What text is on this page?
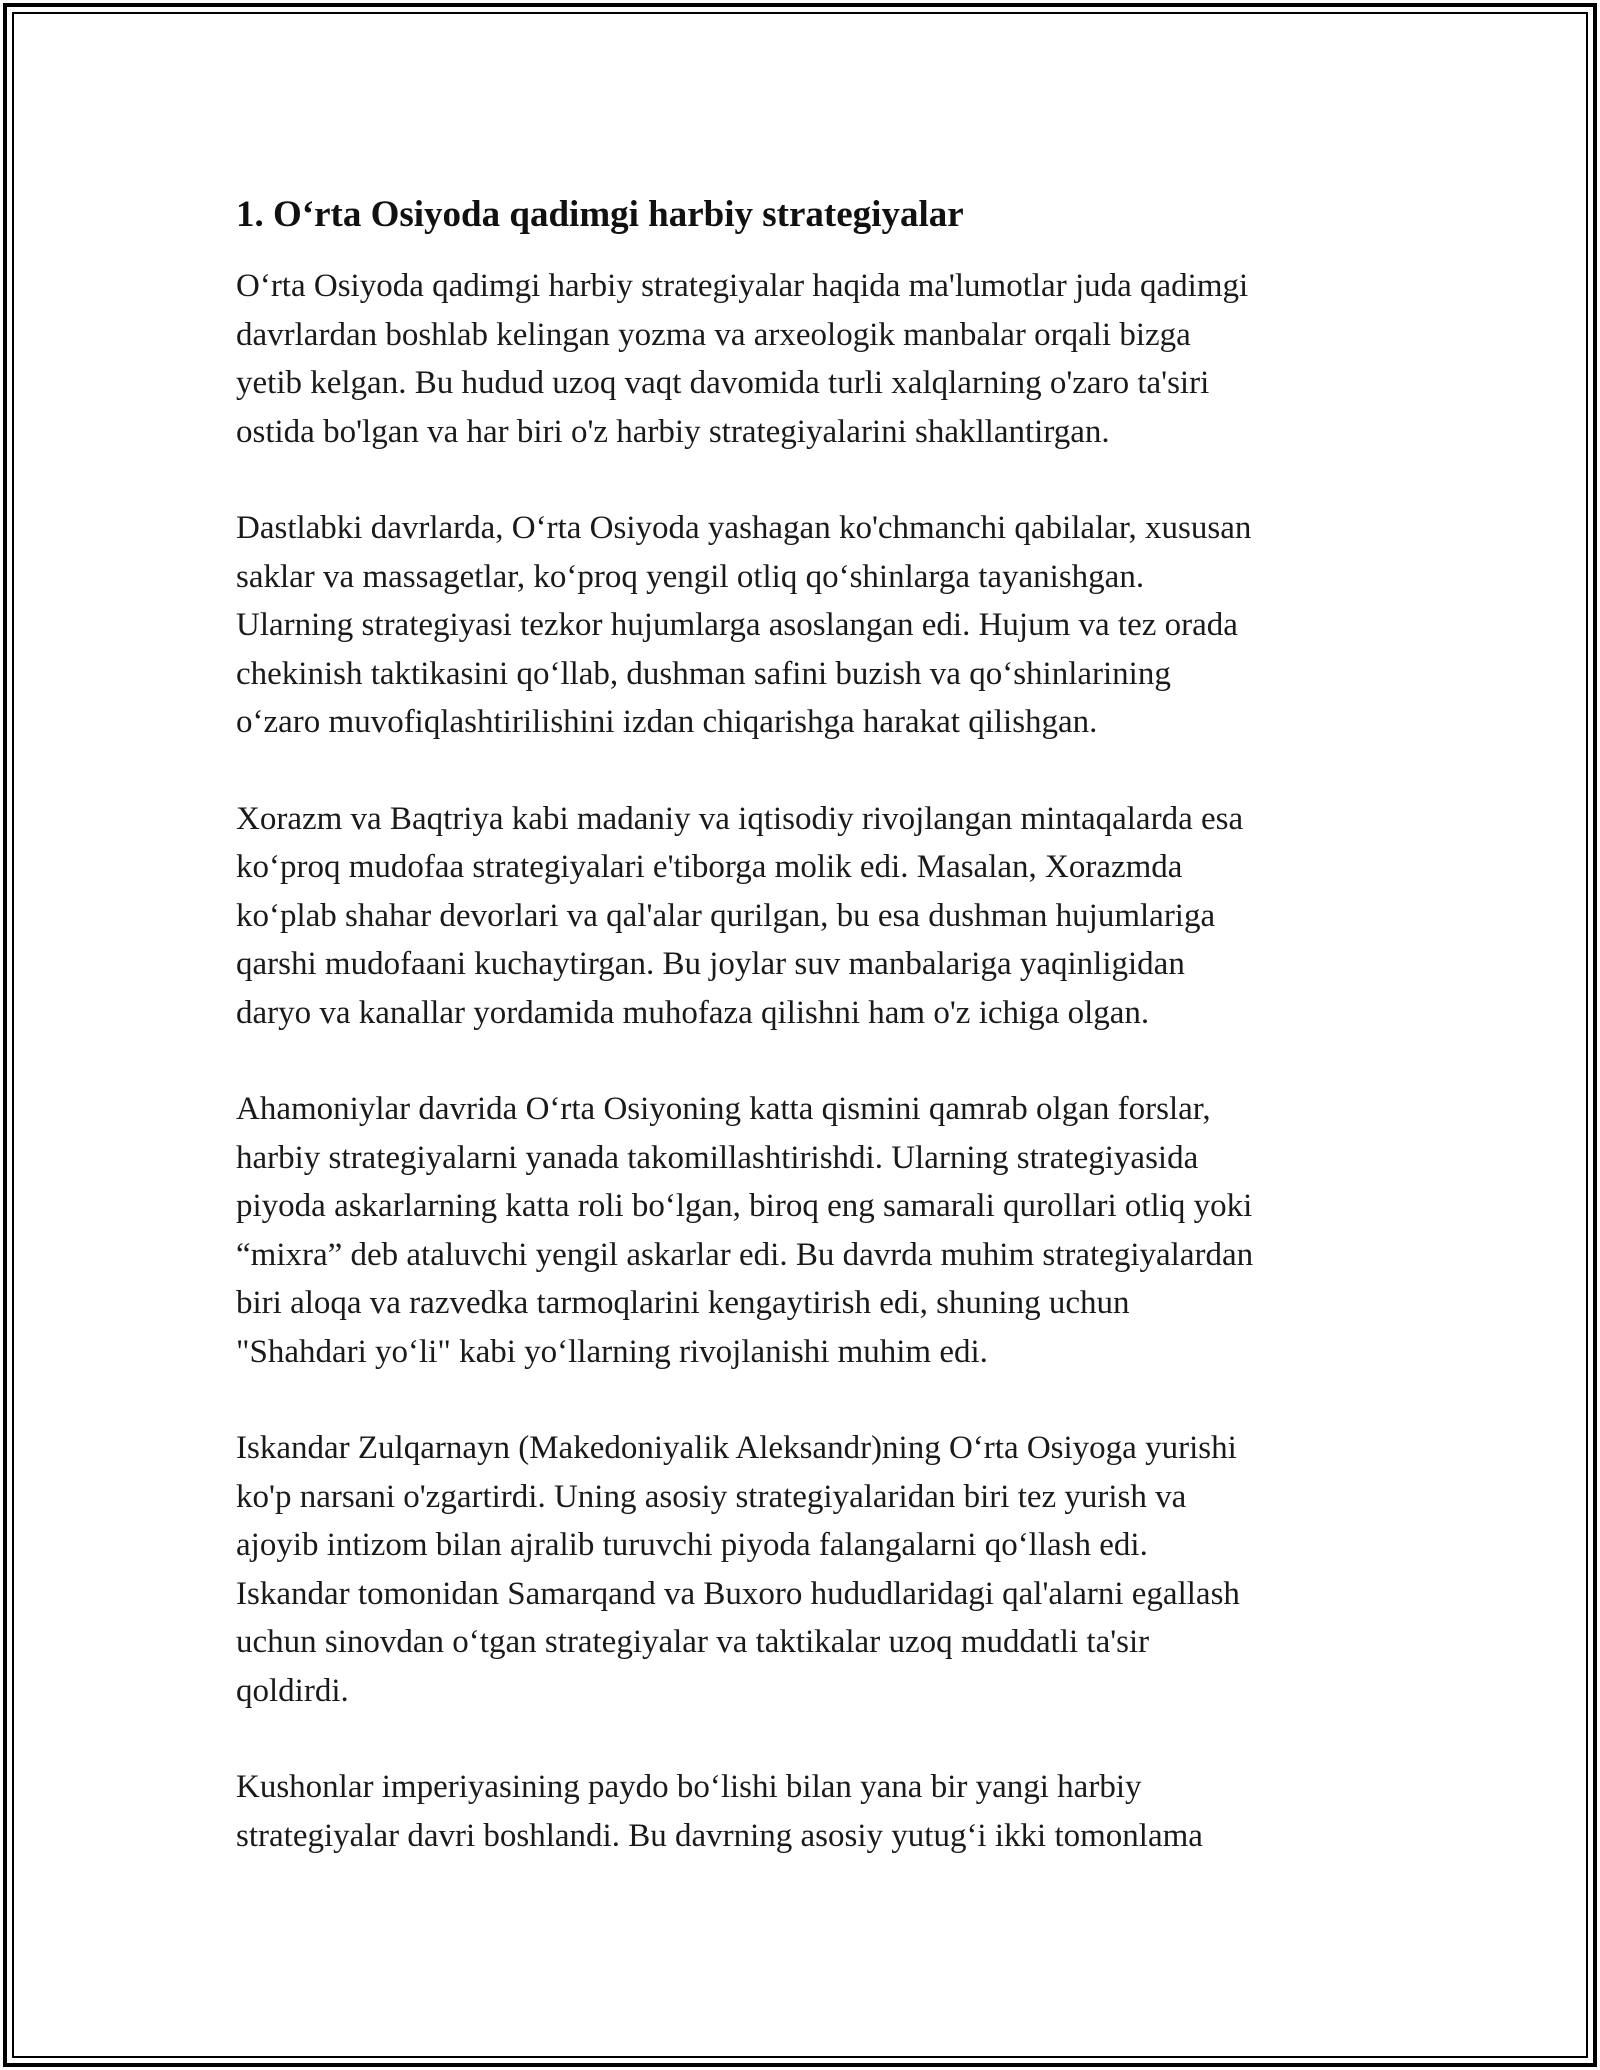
1. O‘rta Osiyoda qadimgi harbiy strategiyalar

O‘rta Osiyoda qadimgi harbiy strategiyalar haqida ma'lumotlar juda qadimgi
davrlardan boshlab kelingan yozma va arxeologik manbalar orqali bizga
yetib kelgan. Bu hudud uzoq vaqt davomida turli xalqlarning o'zaro ta'siri
ostida bo'lgan va har biri o'z harbiy strategiyalarini shakllantirgan.

Dastlabki davrlarda, O‘rta Osiyoda yashagan ko'chmanchi qabilalar, xususan
saklar va massagetlar, ko‘proq yengil otliq qo‘shinlarga tayanishgan.
Ularning strategiyasi tezkor hujumlarga asoslangan edi. Hujum va tez orada
chekinish taktikasini qo‘llab, dushman safini buzish va qo‘shinlarining
o‘zaro muvofiqlashtirilishini izdan chiqarishga harakat qilishgan.

Xorazm va Baqtriya kabi madaniy va iqtisodiy rivojlangan mintaqalarda esa
ko‘proq mudofaa strategiyalari e'tiborga molik edi. Masalan, Xorazmda
ko‘plab shahar devorlari va qal'alar qurilgan, bu esa dushman hujumlariga
qarshi mudofaani kuchaytirgan. Bu joylar suv manbalariga yaqinligidan
daryo va kanallar yordamida muhofaza qilishni ham o'z ichiga olgan.

Ahamoniylar davrida O‘rta Osiyoning katta qismini qamrab olgan forslar,
harbiy strategiyalarni yanada takomillashtirishdi. Ularning strategiyasida
piyoda askarlarning katta roli bo‘lgan, biroq eng samarali qurollari otliq yoki
“mixra” deb ataluvchi yengil askarlar edi. Bu davrda muhim strategiyalardan
biri aloqa va razvedka tarmoqlarini kengaytirish edi, shuning uchun
"Shahdari yo‘li" kabi yo‘llarning rivojlanishi muhim edi.

Iskandar Zulqarnayn (Makedoniyalik Aleksandr)ning O‘rta Osiyoga yurishi
ko'p narsani o'zgartirdi. Uning asosiy strategiyalaridan biri tez yurish va
ajoyib intizom bilan ajralib turuvchi piyoda falangalarni qo‘llash edi.
Iskandar tomonidan Samarqand va Buxoro hududlaridagi qal'alarni egallash
uchun sinovdan o‘tgan strategiyalar va taktikalar uzoq muddatli ta'sir
qoldirdi.

Kushonlar imperiyasining paydo bo‘lishi bilan yana bir yangi harbiy
strategiyalar davri boshlandi. Bu davrning asosiy yutug‘i ikki tomonlama
